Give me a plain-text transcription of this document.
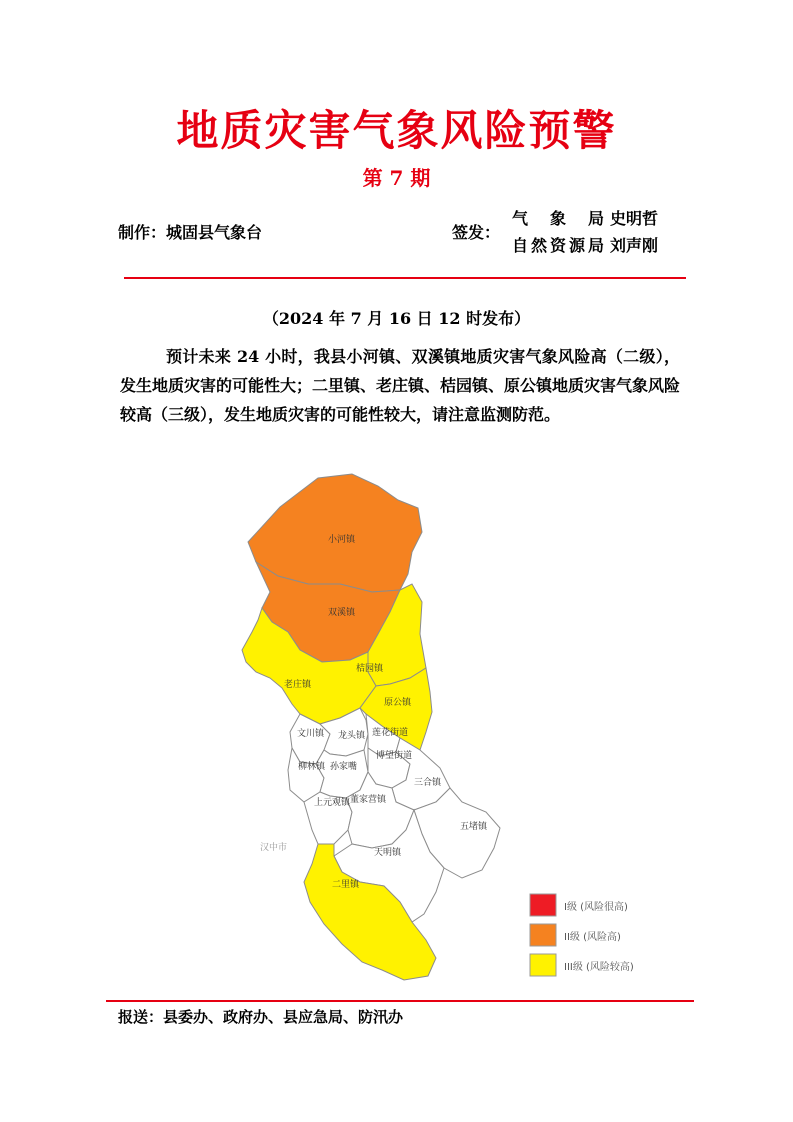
地质灾害气象风险预警
第 7 期
制作：城固县气象台	签发：
气象局 史明哲
自然资源局 刘声刚
（2024 年 7 月 16 日 12 时发布）
预计未来 24 小时，我县小河镇、双溪镇地质灾害气象风险高（二级），发生地质灾害的可能性大；二里镇、老庄镇、桔园镇、原公镇地质灾害气象风险较高（三级），发生地质灾害的可能性较大，请注意监测防范。
小河镇
双溪镇
桔园镇
老庄镇
原公镇
文川镇 龙头镇 莲花街道
博望街道
柳林镇 孙家嘴
三合镇
上元观镇 董家营镇
五堵镇
天明镇
二里镇
汉中市
I级 (风险很高)
II级 (风险高)
III级 (风险较高)
报送：县委办、政府办、县应急局、防汛办
